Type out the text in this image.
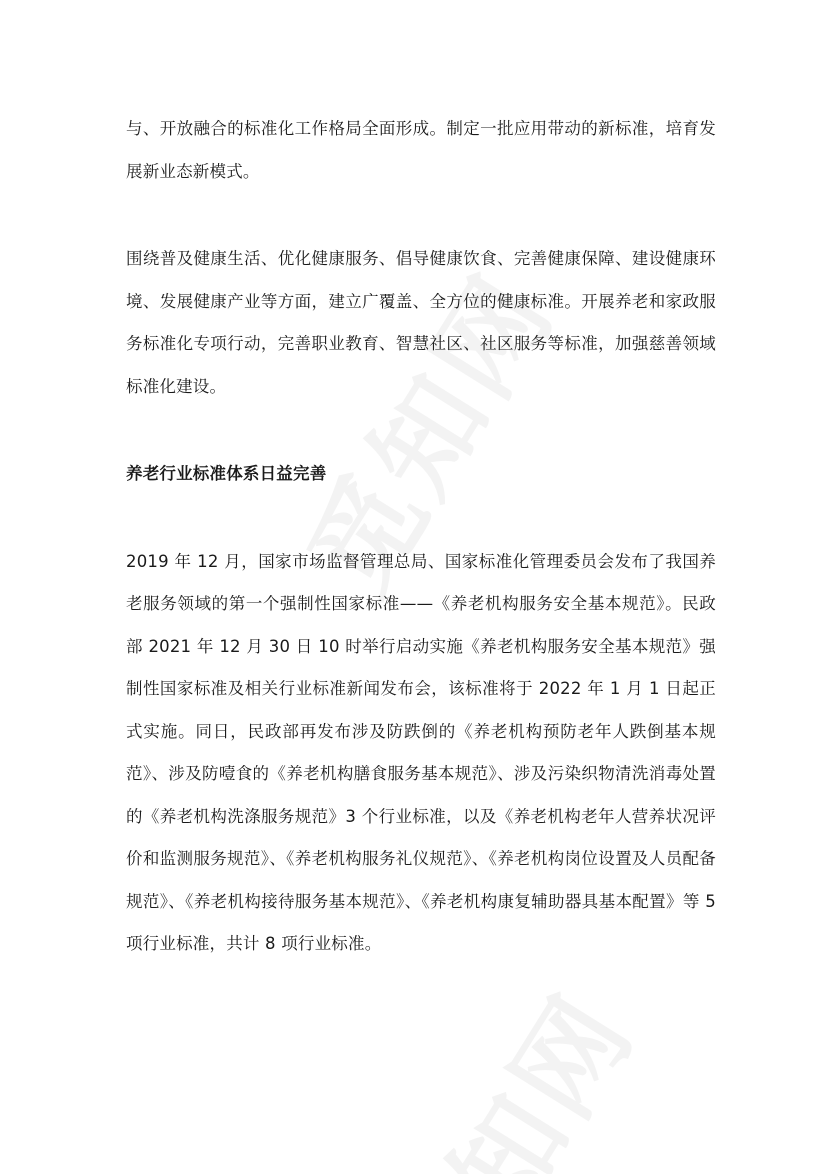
与、开放融合的标准化工作格局全面形成。制定一批应用带动的新标准，培育发展新业态新模式。

围绕普及健康生活、优化健康服务、倡导健康饮食、完善健康保障、建设健康环境、发展健康产业等方面，建立广覆盖、全方位的健康标准。开展养老和家政服务标准化专项行动，完善职业教育、智慧社区、社区服务等标准，加强慈善领域标准化建设。

养老行业标准体系日益完善

2019 年 12 月，国家市场监督管理总局、国家标准化管理委员会发布了我国养老服务领域的第一个强制性国家标准——《养老机构服务安全基本规范》。民政部 2021 年 12 月 30 日 10 时举行启动实施《养老机构服务安全基本规范》强制性国家标准及相关行业标准新闻发布会，该标准将于 2022 年 1 月 1 日起正式实施。同日，民政部再发布涉及防跌倒的《养老机构预防老年人跌倒基本规范》、涉及防噎食的《养老机构膳食服务基本规范》、涉及污染织物清洗消毒处置的《养老机构洗涤服务规范》3 个行业标准，以及《养老机构老年人营养状况评价和监测服务规范》、《养老机构服务礼仪规范》、《养老机构岗位设置及人员配备规范》、《养老机构接待服务基本规范》、《养老机构康复辅助器具基本配置》等 5 项行业标准，共计 8 项行业标准。
